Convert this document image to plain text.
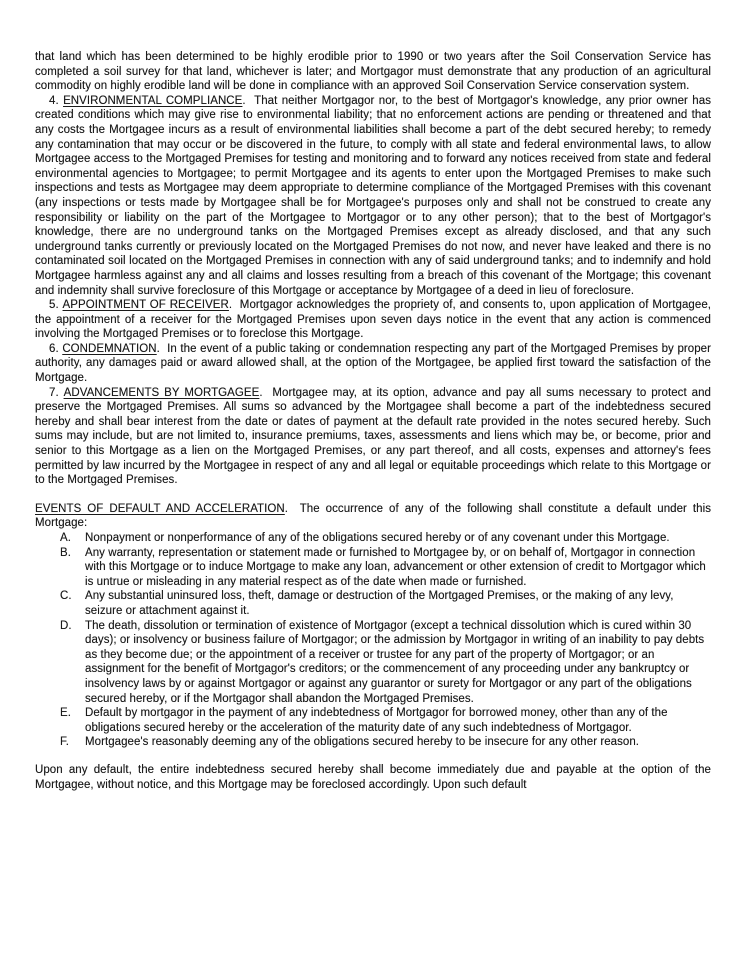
that land which has been determined to be highly erodible prior to 1990 or two years after the Soil Conservation Service has completed a soil survey for that land, whichever is later; and Mortgagor must demonstrate that any production of an agricultural commodity on highly erodible land will be done in compliance with an approved Soil Conservation Service conservation system.

4. ENVIRONMENTAL COMPLIANCE.  That neither Mortgagor nor, to the best of Mortgagor's knowledge, any prior owner has created conditions which may give rise to environmental liability; that no enforcement actions are pending or threatened and that any costs the Mortgagee incurs as a result of environmental liabilities shall become a part of the debt secured hereby; to remedy any contamination that may occur or be discovered in the future, to comply with all state and federal environmental laws, to allow Mortgagee access to the Mortgaged Premises for testing and monitoring and to forward any notices received from state and federal environmental agencies to Mortgagee; to permit Mortgagee and its agents to enter upon the Mortgaged Premises to make such inspections and tests as Mortgagee may deem appropriate to determine compliance of the Mortgaged Premises with this covenant (any inspections or tests made by Mortgagee shall be for Mortgagee's purposes only and shall not be construed to create any responsibility or liability on the part of the Mortgagee to Mortgagor or to any other person); that to the best of Mortgagor's knowledge, there are no underground tanks on the Mortgaged Premises except as already disclosed, and that any such underground tanks currently or previously located on the Mortgaged Premises do not now, and never have leaked and there is no contaminated soil located on the Mortgaged Premises in connection with any of said underground tanks; and to indemnify and hold Mortgagee harmless against any and all claims and losses resulting from a breach of this covenant of the Mortgage; this covenant and indemnity shall survive foreclosure of this Mortgage or acceptance by Mortgagee of a deed in lieu of foreclosure.

5. APPOINTMENT OF RECEIVER.  Mortgagor acknowledges the propriety of, and consents to, upon application of Mortgagee, the appointment of a receiver for the Mortgaged Premises upon seven days notice in the event that any action is commenced involving the Mortgaged Premises or to foreclose this Mortgage.

6. CONDEMNATION.  In the event of a public taking or condemnation respecting any part of the Mortgaged Premises by proper authority, any damages paid or award allowed shall, at the option of the Mortgagee, be applied first toward the satisfaction of the Mortgage.

7. ADVANCEMENTS BY MORTGAGEE.  Mortgagee may, at its option, advance and pay all sums necessary to protect and preserve the Mortgaged Premises. All sums so advanced by the Mortgagee shall become a part of the indebtedness secured hereby and shall bear interest from the date or dates of payment at the default rate provided in the notes secured hereby. Such sums may include, but are not limited to, insurance premiums, taxes, assessments and liens which may be, or become, prior and senior to this Mortgage as a lien on the Mortgaged Premises, or any part thereof, and all costs, expenses and attorney's fees permitted by law incurred by the Mortgagee in respect of any and all legal or equitable proceedings which relate to this Mortgage or to the Mortgaged Premises.

EVENTS OF DEFAULT AND ACCELERATION.  The occurrence of any of the following shall constitute a default under this Mortgage:

A.	Nonpayment or nonperformance of any of the obligations secured hereby or of any covenant under this Mortgage.
B.	Any warranty, representation or statement made or furnished to Mortgagee by, or on behalf of, Mortgagor in connection with this Mortgage or to induce Mortgage to make any loan, advancement or other extension of credit to Mortgagor which is untrue or misleading in any material respect as of the date when made or furnished.
C.	Any substantial uninsured loss, theft, damage or destruction of the Mortgaged Premises, or the making of any levy, seizure or attachment against it.
D.	The death, dissolution or termination of existence of Mortgagor (except a technical dissolution which is cured within 30 days); or insolvency or business failure of Mortgagor; or the admission by Mortgagor in writing of an inability to pay debts as they become due; or the appointment of a receiver or trustee for any part of the property of Mortgagor; or an assignment for the benefit of Mortgagor's creditors; or the commencement of any proceeding under any bankruptcy or insolvency laws by or against Mortgagor or against any guarantor or surety for Mortgagor or any part of the obligations secured hereby, or if the Mortgagor shall abandon the Mortgaged Premises.
E.	Default by mortgagor in the payment of any indebtedness of Mortgagor for borrowed money, other than any of the obligations secured hereby or the acceleration of the maturity date of any such indebtedness of Mortgagor.
F.	Mortgagee's reasonably deeming any of the obligations secured hereby to be insecure for any other reason.

Upon any default, the entire indebtedness secured hereby shall become immediately due and payable at the option of the Mortgagee, without notice, and this Mortgage may be foreclosed accordingly. Upon such default
